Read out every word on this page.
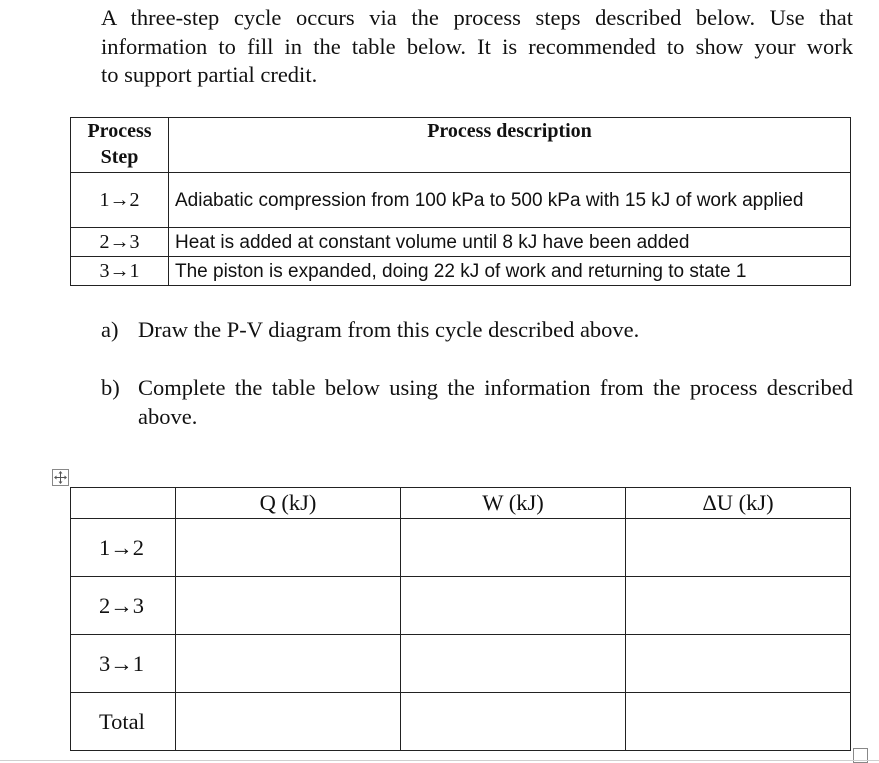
A three-step cycle occurs via the process steps described below. Use that
information to fill in the table below. It is recommended to show your work
to support partial credit.
Process
Step	Process description
1→2	Adiabatic compression from 100 kPa to 500 kPa with 15 kJ of work applied
2→3	Heat is added at constant volume until 8 kJ have been added
3→1	The piston is expanded, doing 22 kJ of work and returning to state 1
a) Draw the P-V diagram from this cycle described above.
b) Complete the table below using the information from the process described above.
	Q (kJ)	W (kJ)	ΔU (kJ)
1→2			
2→3			
3→1			
Total			
